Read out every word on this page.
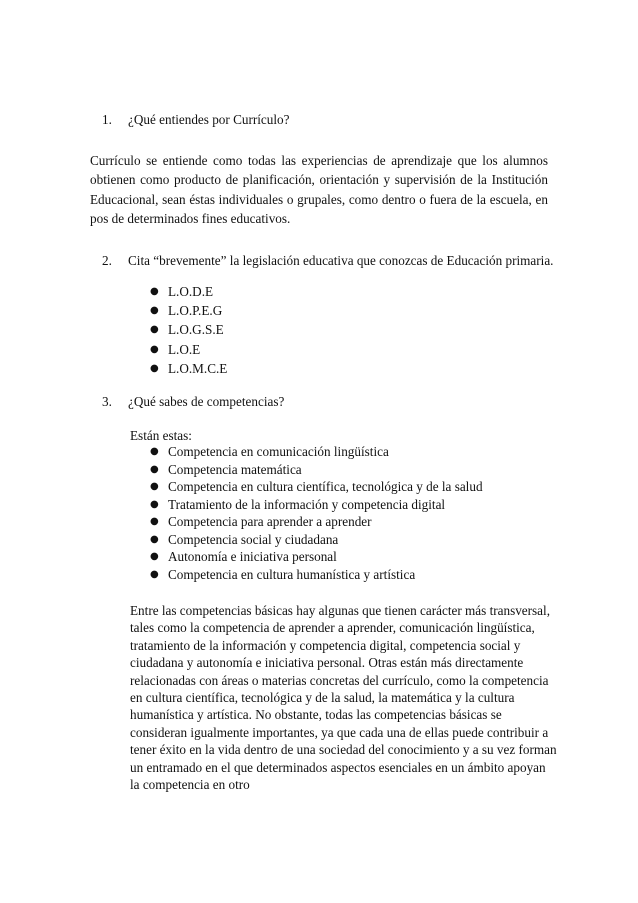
1. ¿Qué entiendes por Currículo?
Currículo se entiende como todas las experiencias de aprendizaje que los alumnos
obtienen como producto de planificación, orientación y supervisión de la Institución
Educacional, sean éstas individuales o grupales, como dentro o fuera de la escuela, en
pos de determinados fines educativos.
2. Cita “brevemente” la legislación educativa que conozcas de Educación primaria.
● L.O.D.E
● L.O.P.E.G
● L.O.G.S.E
● L.O.E
● L.O.M.C.E
3. ¿Qué sabes de competencias?
Están estas:
● Competencia en comunicación lingüística
● Competencia matemática
● Competencia en cultura científica, tecnológica y de la salud
● Tratamiento de la información y competencia digital
● Competencia para aprender a aprender
● Competencia social y ciudadana
● Autonomía e iniciativa personal
● Competencia en cultura humanística y artística
Entre las competencias básicas hay algunas que tienen carácter más transversal,
tales como la competencia de aprender a aprender, comunicación lingüística,
tratamiento de la información y competencia digital, competencia social y
ciudadana y autonomía e iniciativa personal. Otras están más directamente
relacionadas con áreas o materias concretas del currículo, como la competencia
en cultura científica, tecnológica y de la salud, la matemática y la cultura
humanística y artística. No obstante, todas las competencias básicas se
consideran igualmente importantes, ya que cada una de ellas puede contribuir a
tener éxito en la vida dentro de una sociedad del conocimiento y a su vez forman
un entramado en el que determinados aspectos esenciales en un ámbito apoyan
la competencia en otro
